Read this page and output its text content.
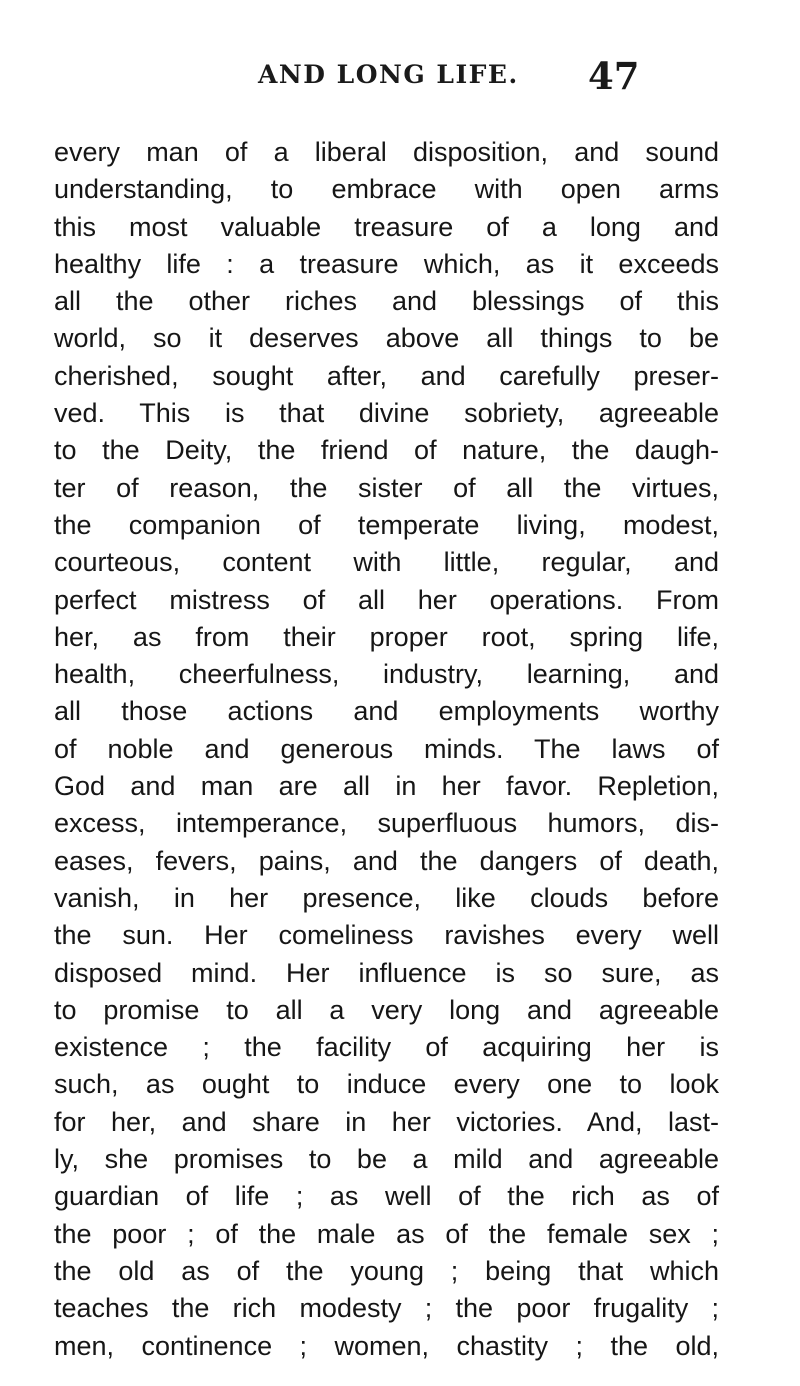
AND LONG LIFE. 47
every man of a liberal disposition, and sound
understanding, to embrace with open arms
this most valuable treasure of a long and
healthy life : a treasure which, as it exceeds
all the other riches and blessings of this
world, so it deserves above all things to be
cherished, sought after, and carefully preser-
ved. This is that divine sobriety, agreeable
to the Deity, the friend of nature, the daugh-
ter of reason, the sister of all the virtues,
the companion of temperate living, modest,
courteous, content with little, regular, and
perfect mistress of all her operations. From
her, as from their proper root, spring life,
health, cheerfulness, industry, learning, and
all those actions and employments worthy
of noble and generous minds. The laws of
God and man are all in her favor. Repletion,
excess, intemperance, superfluous humors, dis-
eases, fevers, pains, and the dangers of death,
vanish, in her presence, like clouds before
the sun. Her comeliness ravishes every well
disposed mind. Her influence is so sure, as
to promise to all a very long and agreeable
existence ; the facility of acquiring her is
such, as ought to induce every one to look
for her, and share in her victories. And, last-
ly, she promises to be a mild and agreeable
guardian of life ; as well of the rich as of
the poor ; of the male as of the female sex ;
the old as of the young ; being that which
teaches the rich modesty ; the poor frugality ;
men, continence ; women, chastity ; the old,
